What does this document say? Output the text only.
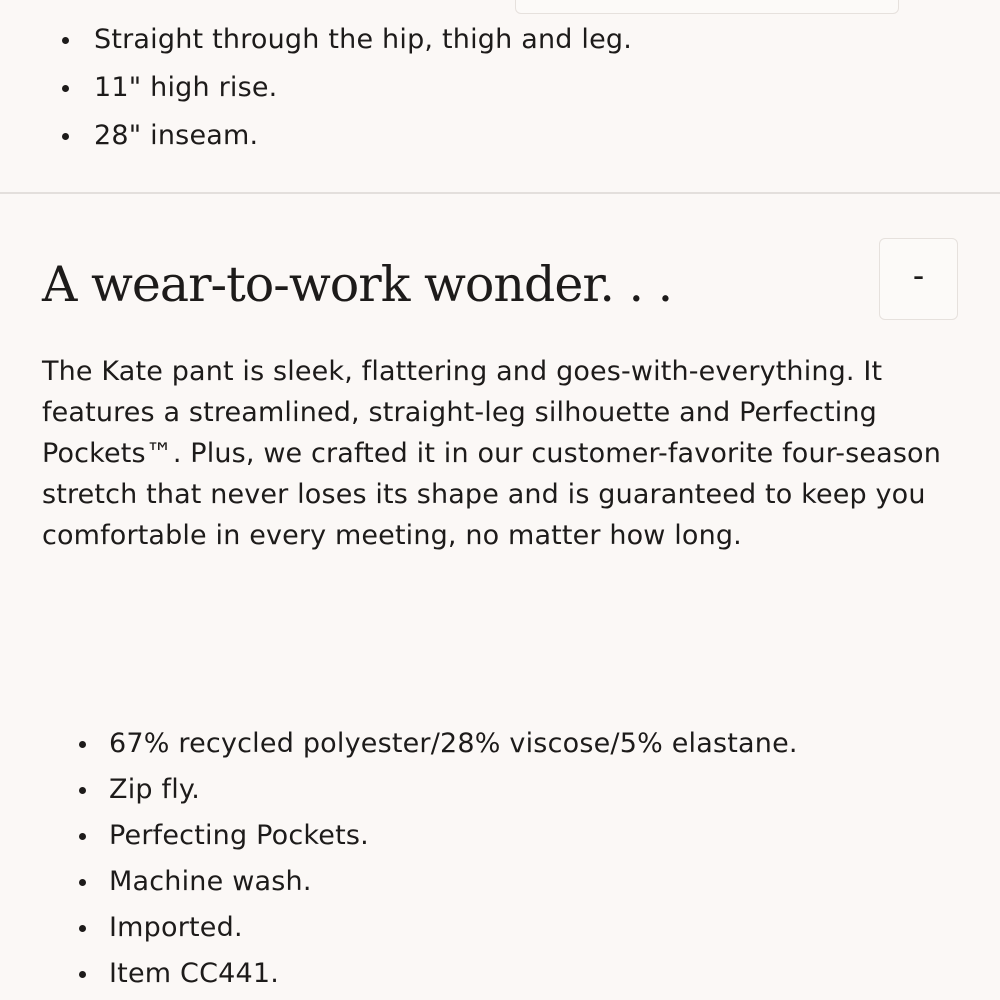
Straight through the hip, thigh and leg.
11" high rise.
28" inseam.
A wear-to-work wonder. . .	-

The Kate pant is sleek, flattering and goes-with-everything. It features a streamlined, straight-leg silhouette and Perfecting Pockets™. Plus, we crafted it in our customer-favorite four-season stretch that never loses its shape and is guaranteed to keep you comfortable in every meeting, no matter how long.

67% recycled polyester/28% viscose/5% elastane.
Zip fly.
Perfecting Pockets.
Machine wash.
Imported.
Item CC441.
